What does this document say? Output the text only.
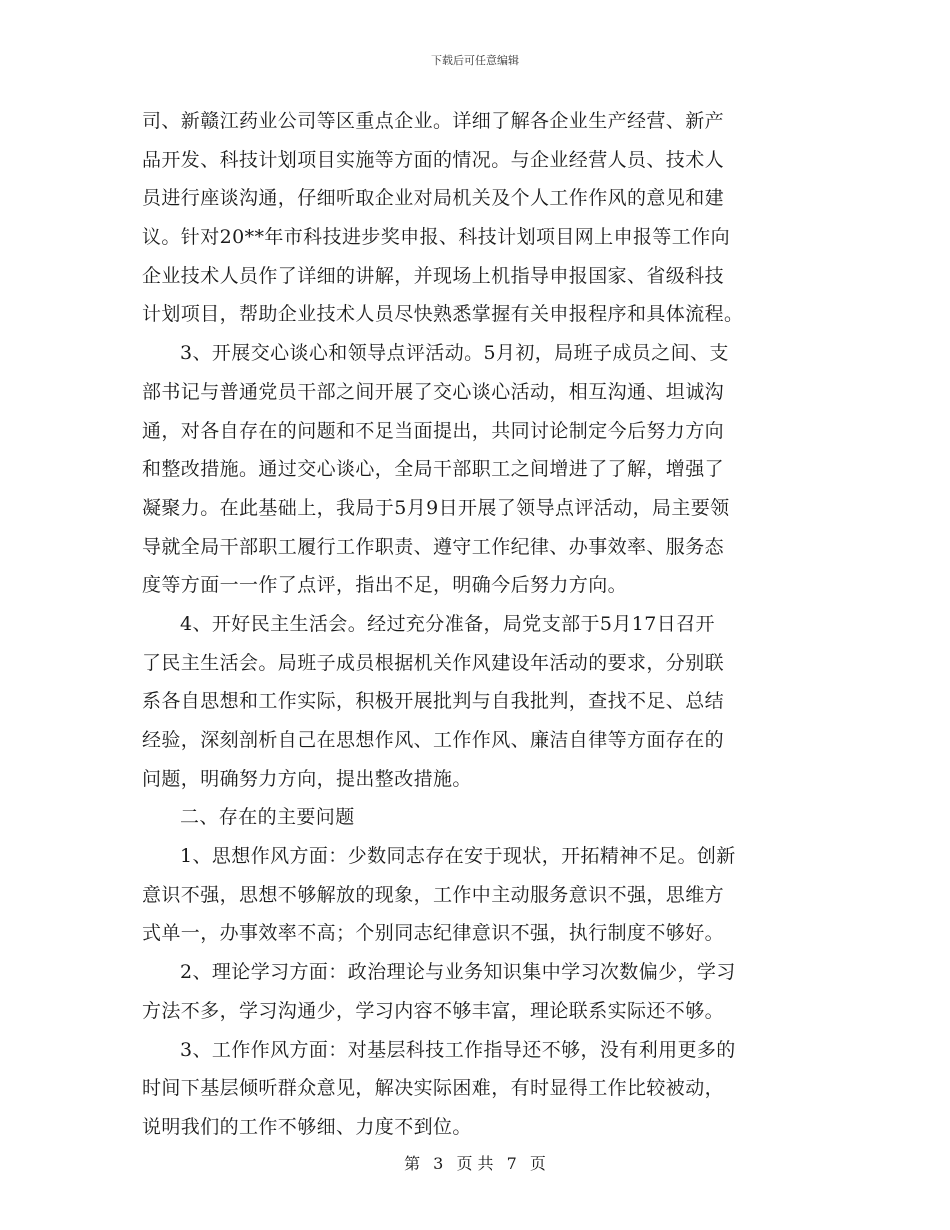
下载后可任意编辑
司、新赣江药业公司等区重点企业。详细了解各企业生产经营、新产
品开发、科技计划项目实施等方面的情况。与企业经营人员、技术人
员进行座谈沟通，仔细听取企业对局机关及个人工作作风的意见和建
议。针对20**年市科技进步奖申报、科技计划项目网上申报等工作向
企业技术人员作了详细的讲解，并现场上机指导申报国家、省级科技
计划项目，帮助企业技术人员尽快熟悉掌握有关申报程序和具体流程。
3、开展交心谈心和领导点评活动。5月初，局班子成员之间、支
部书记与普通党员干部之间开展了交心谈心活动，相互沟通、坦诚沟
通，对各自存在的问题和不足当面提出，共同讨论制定今后努力方向
和整改措施。通过交心谈心，全局干部职工之间增进了了解，增强了
凝聚力。在此基础上，我局于5月9日开展了领导点评活动，局主要领
导就全局干部职工履行工作职责、遵守工作纪律、办事效率、服务态
度等方面一一作了点评，指出不足，明确今后努力方向。
4、开好民主生活会。经过充分准备，局党支部于5月17日召开
了民主生活会。局班子成员根据机关作风建设年活动的要求，分别联
系各自思想和工作实际，积极开展批判与自我批判，查找不足、总结
经验，深刻剖析自己在思想作风、工作作风、廉洁自律等方面存在的
问题，明确努力方向，提出整改措施。
二、存在的主要问题
1、思想作风方面：少数同志存在安于现状，开拓精神不足。创新
意识不强，思想不够解放的现象，工作中主动服务意识不强，思维方
式单一，办事效率不高；个别同志纪律意识不强，执行制度不够好。
2、理论学习方面：政治理论与业务知识集中学习次数偏少，学习
方法不多，学习沟通少，学习内容不够丰富，理论联系实际还不够。
3、工作作风方面：对基层科技工作指导还不够，没有利用更多的
时间下基层倾听群众意见，解决实际困难，有时显得工作比较被动，
说明我们的工作不够细、力度不到位。
第 3 页 共 7 页
